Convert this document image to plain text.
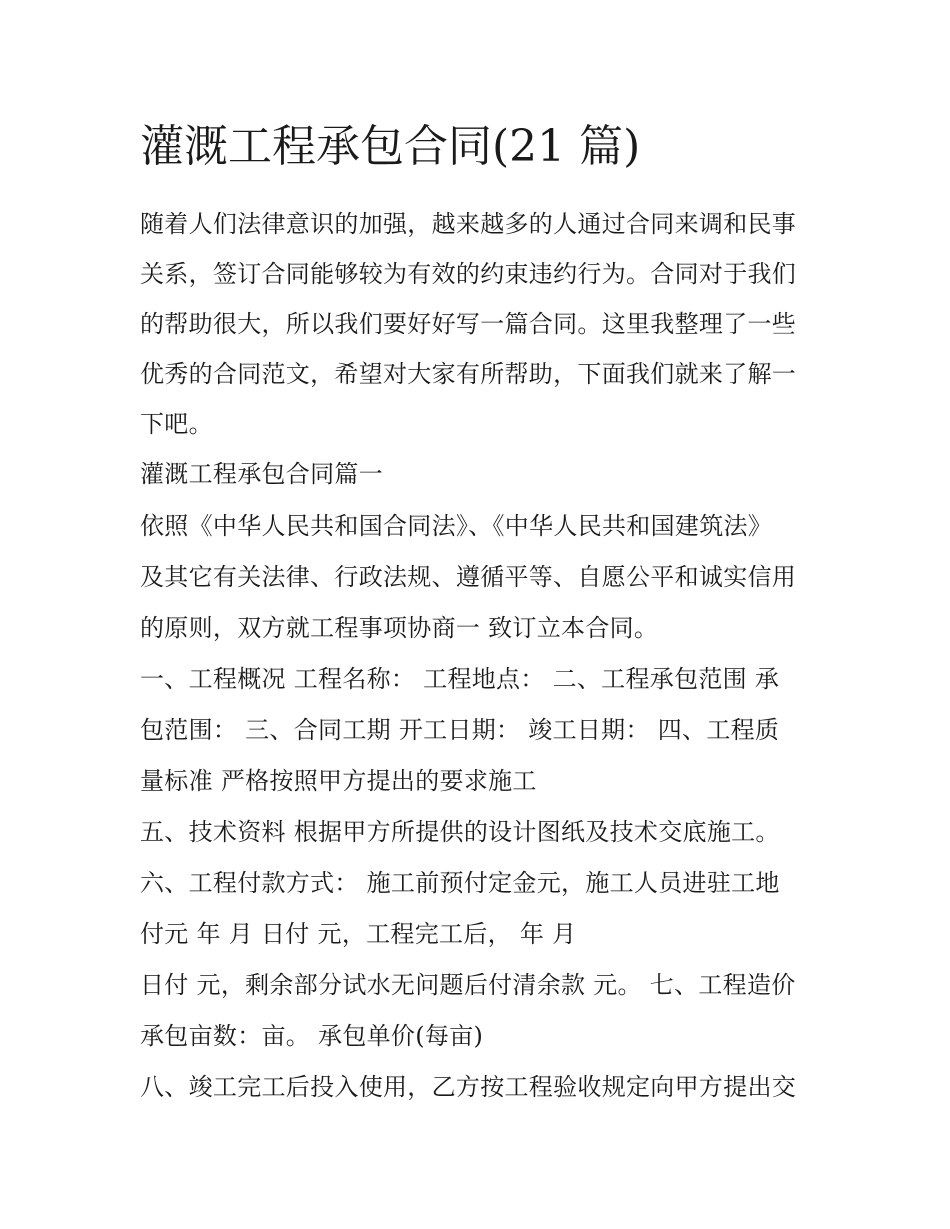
灌溉工程承包合同(21 篇)

随着人们法律意识的加强，越来越多的人通过合同来调和民事

关系，签订合同能够较为有效的约束违约行为。合同对于我们

的帮助很大，所以我们要好好写一篇合同。这里我整理了一些

优秀的合同范文，希望对大家有所帮助，下面我们就来了解一

下吧。

灌溉工程承包合同篇一

依照《中华人民共和国合同法》、《中华人民共和国建筑法》

及其它有关法律、行政法规、遵循平等、自愿公平和诚实信用

的原则，双方就工程事项协商一 致订立本合同。

一、工程概况 工程名称： 工程地点： 二、工程承包范围 承

包范围： 三、合同工期 开工日期： 竣工日期： 四、工程质

量标准 严格按照甲方提出的要求施工

五、技术资料 根据甲方所提供的设计图纸及技术交底施工。

六、工程付款方式： 施工前预付定金元，施工人员进驻工地

付元 年 月 日付 元，工程完工后， 年 月

日付 元，剩余部分试水无问题后付清余款 元。 七、工程造价

承包亩数：亩。 承包单价(每亩)

八、竣工完工后投入使用，乙方按工程验收规定向甲方提出交
